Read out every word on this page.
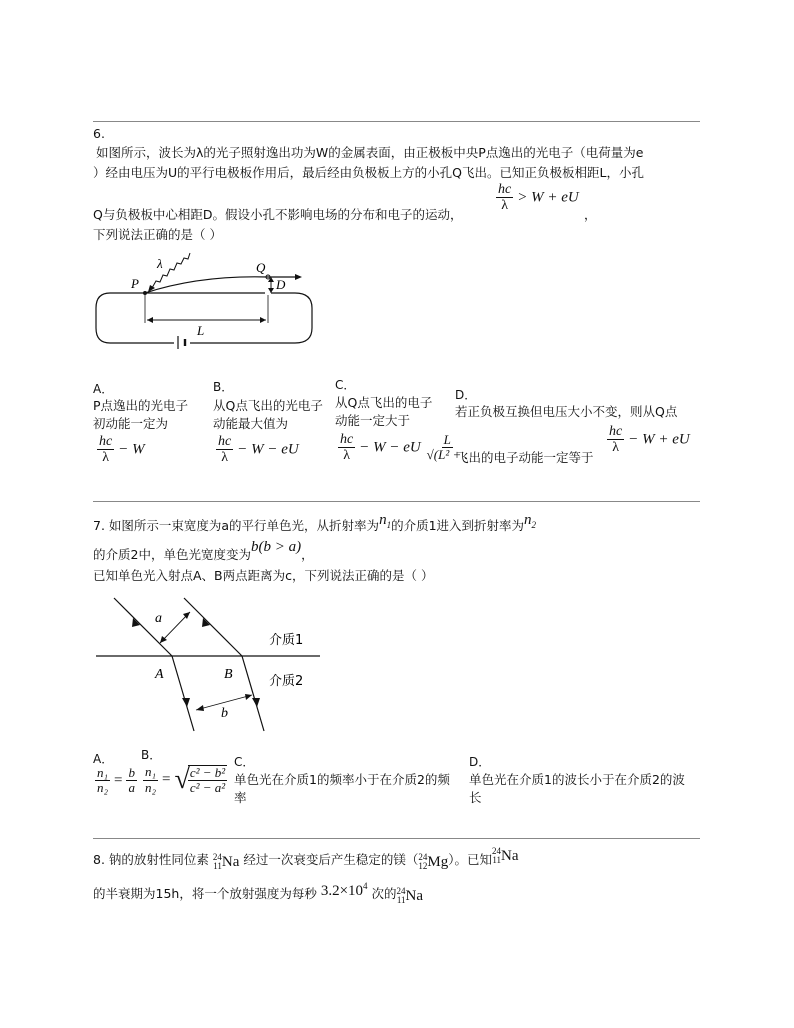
6.
如图所示，波长为λ的光子照射逸出功为W的金属表面，由正极板中央P点逸出的光电子（电荷量为e
）经由电压为U的平行电极板作用后，最后经由负极板上方的小孔Q飞出。已知正负极板相距L，小孔
Q与负极板中心相距D。假设小孔不影响电场的分布和电子的运动，
$\frac{hc}{\lambda} > W$ + eU
，
下列说法正确的是（ ）
λ
P
Q
D
L
A．
P点逸出的光电子
初动能一定为
$\frac{hc}{\lambda} - W$
B．
从Q点飞出的光电子
动能最大值为
$\frac{hc}{\lambda} - W$ − eU
C．
从Q点飞出的电子
动能一定大于
$\frac{hc}{\lambda} - W$ − eU $\frac{L}{\text{√(L² + .}}$
D．
若正负极互换但电压大小不变，则从Q点
飞出的电子动能一定等于
$\frac{hc}{\lambda} - W$ + eU
7. 如图所示一束宽度为a的平行单色光，从折射率为$n_1$的介质1进入到折射率为$n_2$
的介质2中，单色光宽度变为b(b > a)，
已知单色光入射点A、B两点距离为c，下列说法正确的是（ ）
a
A	B
b
介质1
介质2
A．
$\frac{\text{n₁}}{\text{n₂}} = \frac{b}{a}$
B．
$\frac{\text{n₁}}{\text{n₂}}$ = √
$\frac{\text{c² − b²}}{\text{c² − a²}}$
C．
单色光在介质1的频率小于在介质2的频
率
D．
单色光在介质1的波长小于在介质2的波
长
8. 钠的放射性同位素 24
11 Na 经过一次衰变后产生稳定的镁（ 24
12 Mg ）。已知
24
11 Na
的半衰期为15h，将一个放射强度为每秒 $3.2\times 10^4$ 次的 24
11 Na
